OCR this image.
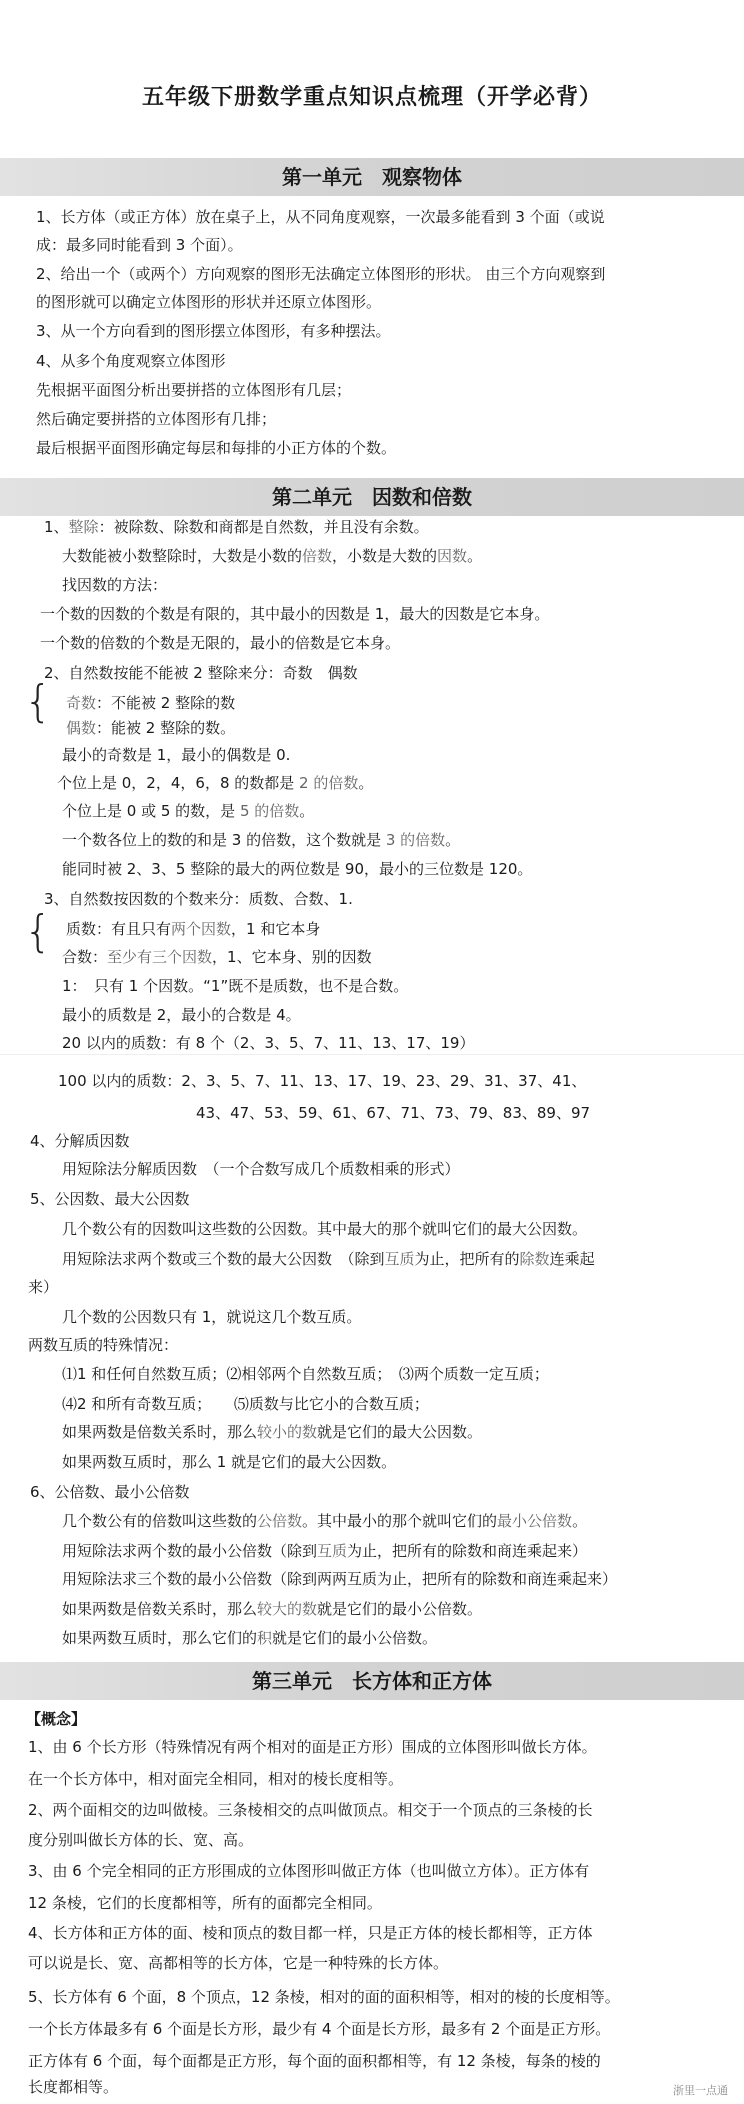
五年级下册数学重点知识点梳理（开学必背）
第一单元　观察物体
1、长方体（或正方体）放在桌子上，从不同角度观察，一次最多能看到 3 个面（或说
成：最多同时能看到 3 个面）。
2、给出一个（或两个）方向观察的图形无法确定立体图形的形状。 由三个方向观察到
的图形就可以确定立体图形的形状并还原立体图形。
3、从一个方向看到的图形摆立体图形，有多种摆法。
4、从多个角度观察立体图形
先根据平面图分析出要拼搭的立体图形有几层；
然后确定要拼搭的立体图形有几排；
最后根据平面图形确定每层和每排的小正方体的个数。
第二单元　因数和倍数
1、整除：被除数、除数和商都是自然数，并且没有余数。
大数能被小数整除时，大数是小数的倍数，小数是大数的因数。
找因数的方法：
一个数的因数的个数是有限的，其中最小的因数是 1，最大的因数是它本身。
一个数的倍数的个数是无限的，最小的倍数是它本身。
2、自然数按能不能被 2 整除来分：奇数　偶数
奇数：不能被 2 整除的数
偶数：能被 2 整除的数。
最小的奇数是 1，最小的偶数是 0.
个位上是 0，2，4，6，8 的数都是 2 的倍数。
个位上是 0 或 5 的数，是 5 的倍数。
一个数各位上的数的和是 3 的倍数，这个数就是 3 的倍数。
能同时被 2、3、5 整除的最大的两位数是 90，最小的三位数是 120。
3、自然数按因数的个数来分：质数、合数、1.
质数：有且只有两个因数，1 和它本身
合数：至少有三个因数，1、它本身、别的因数
1：　只有 1 个因数。“1”既不是质数，也不是合数。
最小的质数是 2，最小的合数是 4。
20 以内的质数：有 8 个（2、3、5、7、11、13、17、19）
{
{
100 以内的质数：2、3、5、7、11、13、17、19、23、29、31、37、41、
43、47、53、59、61、67、71、73、79、83、89、97
4、分解质因数
用短除法分解质因数　（一个合数写成几个质数相乘的形式）
5、公因数、最大公因数
几个数公有的因数叫这些数的公因数。其中最大的那个就叫它们的最大公因数。
用短除法求两个数或三个数的最大公因数　（除到互质为止，把所有的除数连乘起
来）
几个数的公因数只有 1，就说这几个数互质。
两数互质的特殊情况：
⑴1 和任何自然数互质；⑵相邻两个自然数互质；　⑶两个质数一定互质；
⑷2 和所有奇数互质；　　⑸质数与比它小的合数互质；
如果两数是倍数关系时，那么较小的数就是它们的最大公因数。
如果两数互质时，那么 1 就是它们的最大公因数。
6、公倍数、最小公倍数
几个数公有的倍数叫这些数的公倍数。其中最小的那个就叫它们的最小公倍数。
用短除法求两个数的最小公倍数（除到互质为止，把所有的除数和商连乘起来）
用短除法求三个数的最小公倍数（除到两两互质为止，把所有的除数和商连乘起来）
如果两数是倍数关系时，那么较大的数就是它们的最小公倍数。
如果两数互质时，那么它们的积就是它们的最小公倍数。
第三单元　长方体和正方体
【概念】
1、由 6 个长方形（特殊情况有两个相对的面是正方形）围成的立体图形叫做长方体。
在一个长方体中，相对面完全相同，相对的棱长度相等。
2、两个面相交的边叫做棱。三条棱相交的点叫做顶点。相交于一个顶点的三条棱的长
度分别叫做长方体的长、宽、高。
3、由 6 个完全相同的正方形围成的立体图形叫做正方体（也叫做立方体）。正方体有
12 条棱，它们的长度都相等，所有的面都完全相同。
4、长方体和正方体的面、棱和顶点的数目都一样，只是正方体的棱长都相等，正方体
可以说是长、宽、高都相等的长方体，它是一种特殊的长方体。
5、长方体有 6 个面，8 个顶点，12 条棱，相对的面的面积相等，相对的棱的长度相等。
一个长方体最多有 6 个面是长方形，最少有 4 个面是长方形，最多有 2 个面是正方形。
正方体有 6 个面，每个面都是正方形，每个面的面积都相等，有 12 条棱，每条的棱的
长度都相等。	浙里一点通
